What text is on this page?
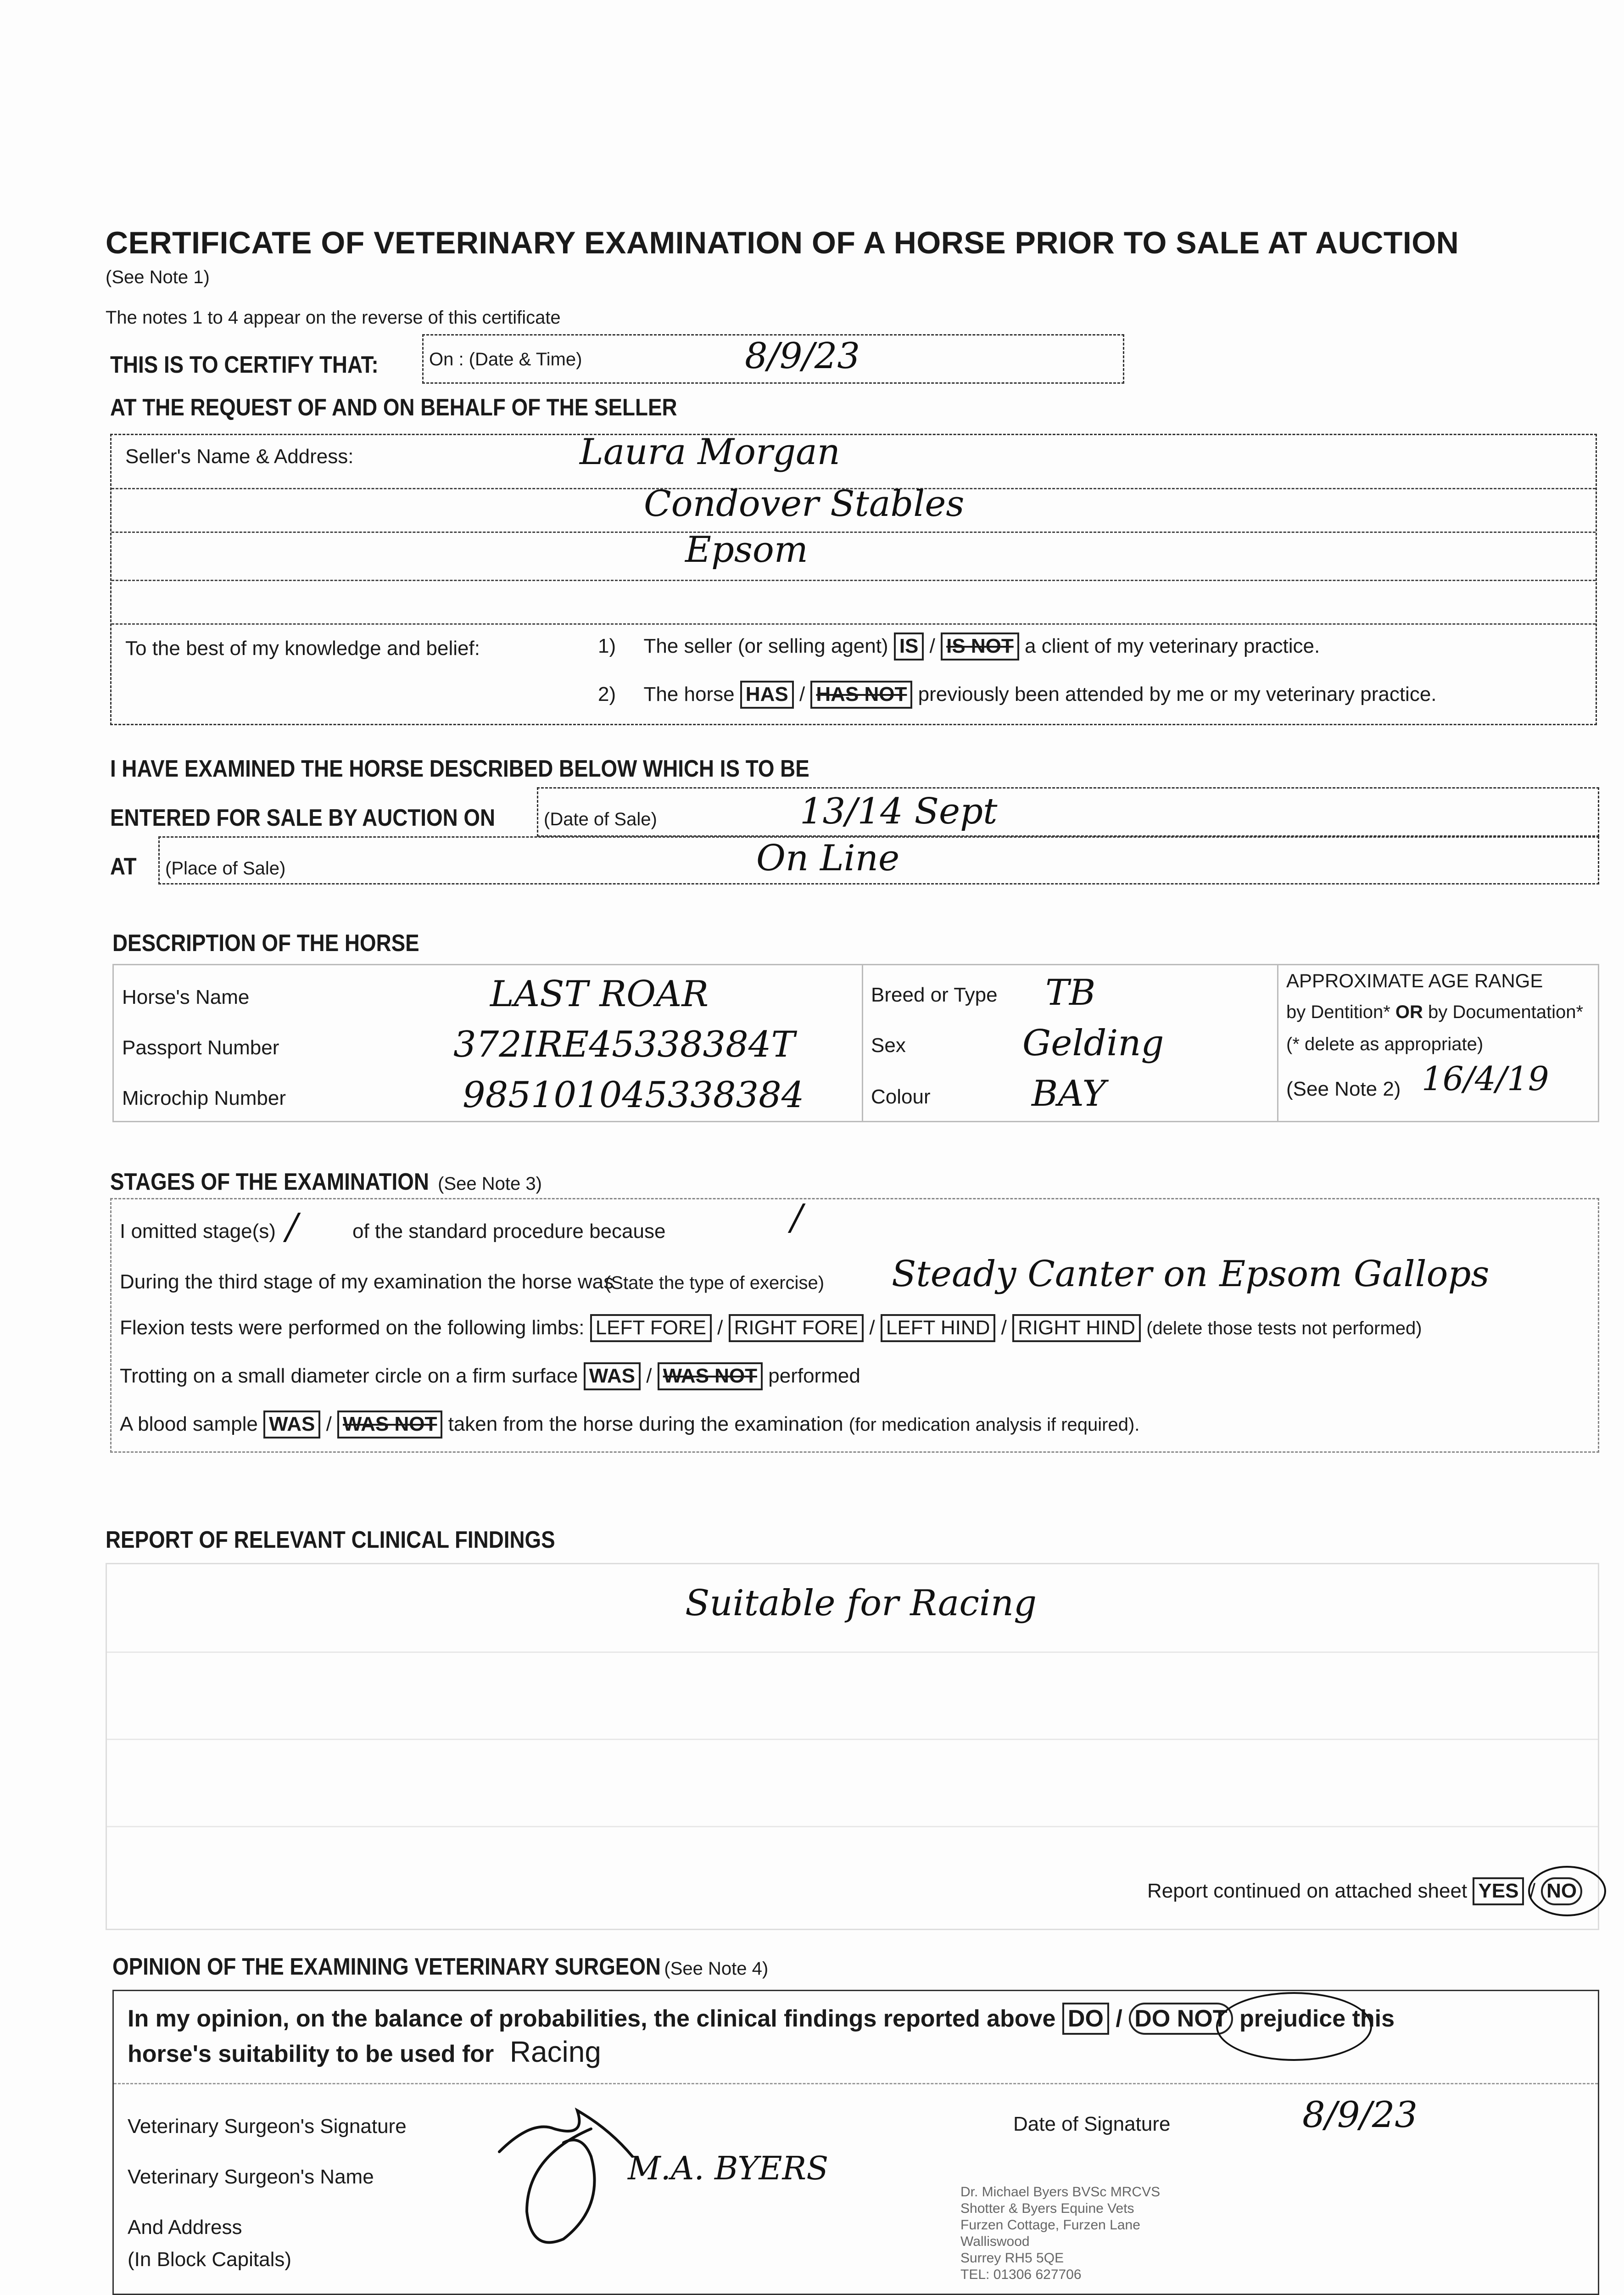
CERTIFICATE OF VETERINARY EXAMINATION OF A HORSE PRIOR TO SALE AT AUCTION
(See Note 1)
The notes 1 to 4 appear on the reverse of this certificate
THIS IS TO CERTIFY THAT:	On : (Date & Time)	8/9/23
AT THE REQUEST OF AND ON BEHALF OF THE SELLER
Seller's Name & Address:	Laura Morgan
Condover Stables
Epsom
To the best of my knowledge and belief:	1) The seller (or selling agent) IS / IS NOT a client of my veterinary practice.
2) The horse HAS / HAS NOT previously been attended by me or my veterinary practice.
I HAVE EXAMINED THE HORSE DESCRIBED BELOW WHICH IS TO BE
ENTERED FOR SALE BY AUCTION ON	(Date of Sale)	13/14 Sept
AT (Place of Sale)	On Line
DESCRIPTION OF THE HORSE
Horse's Name	LAST ROAR
Passport Number	372IRE45338384T
Microchip Number	985101045338384
Breed or Type TB
Sex	Gelding
Colour	BAY
APPROXIMATE AGE RANGE
by Dentition* OR by Documentation*
(* delete as appropriate)
(See Note 2) 16/4/19
STAGES OF THE EXAMINATION (See Note 3)
I omitted stage(s) /	of the standard procedure because	/
During the third stage of my examination the horse was
(State the type of exercise) Steady Canter on Epsom Gallops
Flexion tests were performed on the following limbs: LEFT FORE / RIGHT FORE / LEFT HIND / RIGHT HIND (delete those tests not performed)
Trotting on a small diameter circle on a firm surface WAS / WAS NOT performed
A blood sample WAS / WAS NOT taken from the horse during the examination (for medication analysis if required).
REPORT OF RELEVANT CLINICAL FINDINGS
Suitable for Racing
Report continued on attached sheet YES / NO
OPINION OF THE EXAMINING VETERINARY SURGEON (See Note 4)
In my opinion, on the balance of probabilities, the clinical findings reported above DO / DO NOT prejudice this
horse's suitability to be used for Racing
Veterinary Surgeon's Signature	Date of Signature	8/9/23
Veterinary Surgeon's Name	M.A. BYERS
And Address
(In Block Capitals)
Dr. Michael Byers BVSc MRCVS
Shotter & Byers Equine Vets
Furzen Cottage, Furzen Lane
Walliswood
Surrey RH5 5QE
TEL: 01306 627706
